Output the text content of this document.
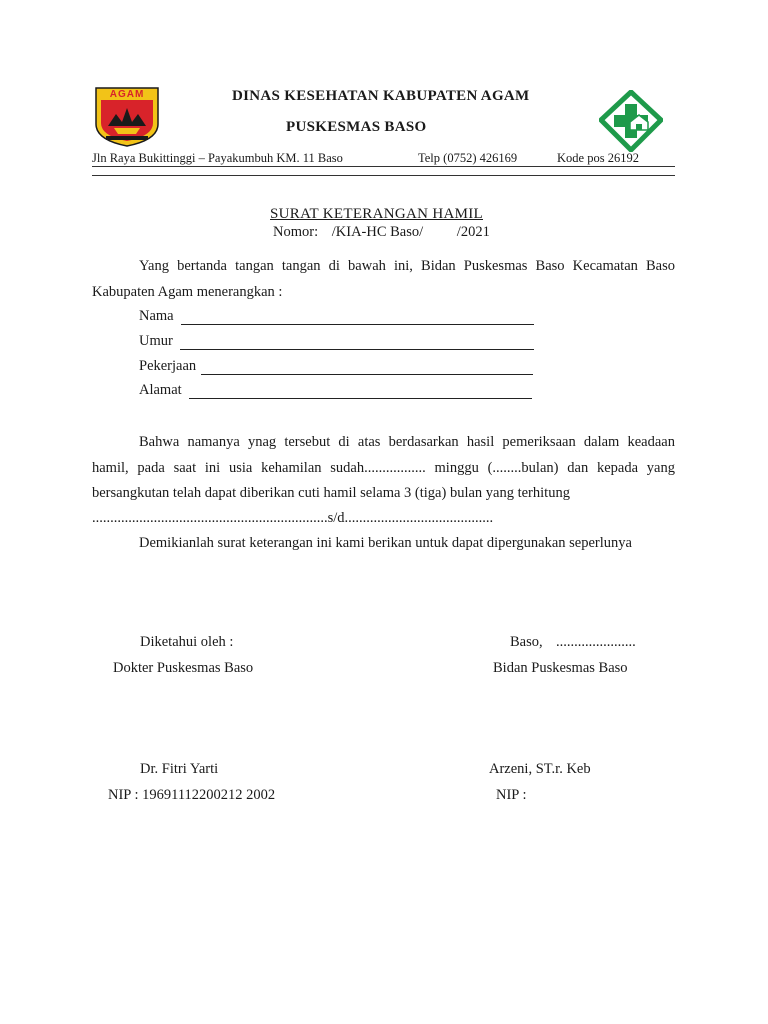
AGAM	DINAS KESEHATAN KABUPATEN AGAM
PUSKESMAS BASO
Jln Raya Bukittinggi – Payakumbuh KM. 11 Baso	Telp (0752) 426169	Kode pos 26192
SURAT KETERANGAN HAMIL
Nomor: /KIA-HC Baso/ /2021
Yang bertanda tangan tangan di bawah ini, Bidan Puskesmas Baso Kecamatan Baso
Kabupaten Agam menerangkan :
Nama
Umur
Pekerjaan
Alamat
Bahwa namanya ynag tersebut di atas berdasarkan hasil pemeriksaan dalam keadaan
hamil, pada saat ini usia kehamilan sudah................. minggu (........bulan) dan kepada yang
bersangkutan telah dapat diberikan cuti hamil selama 3 (tiga) bulan yang terhitung
.................................................................s/d.........................................
Demikianlah surat keterangan ini kami berikan untuk dapat dipergunakan seperlunya
Diketahui oleh :
Dokter Puskesmas Baso
Dr. Fitri Yarti
NIP : 19691112200212 2002
Baso, ......................
Bidan Puskesmas Baso
Arzeni, ST.r. Keb
NIP :
